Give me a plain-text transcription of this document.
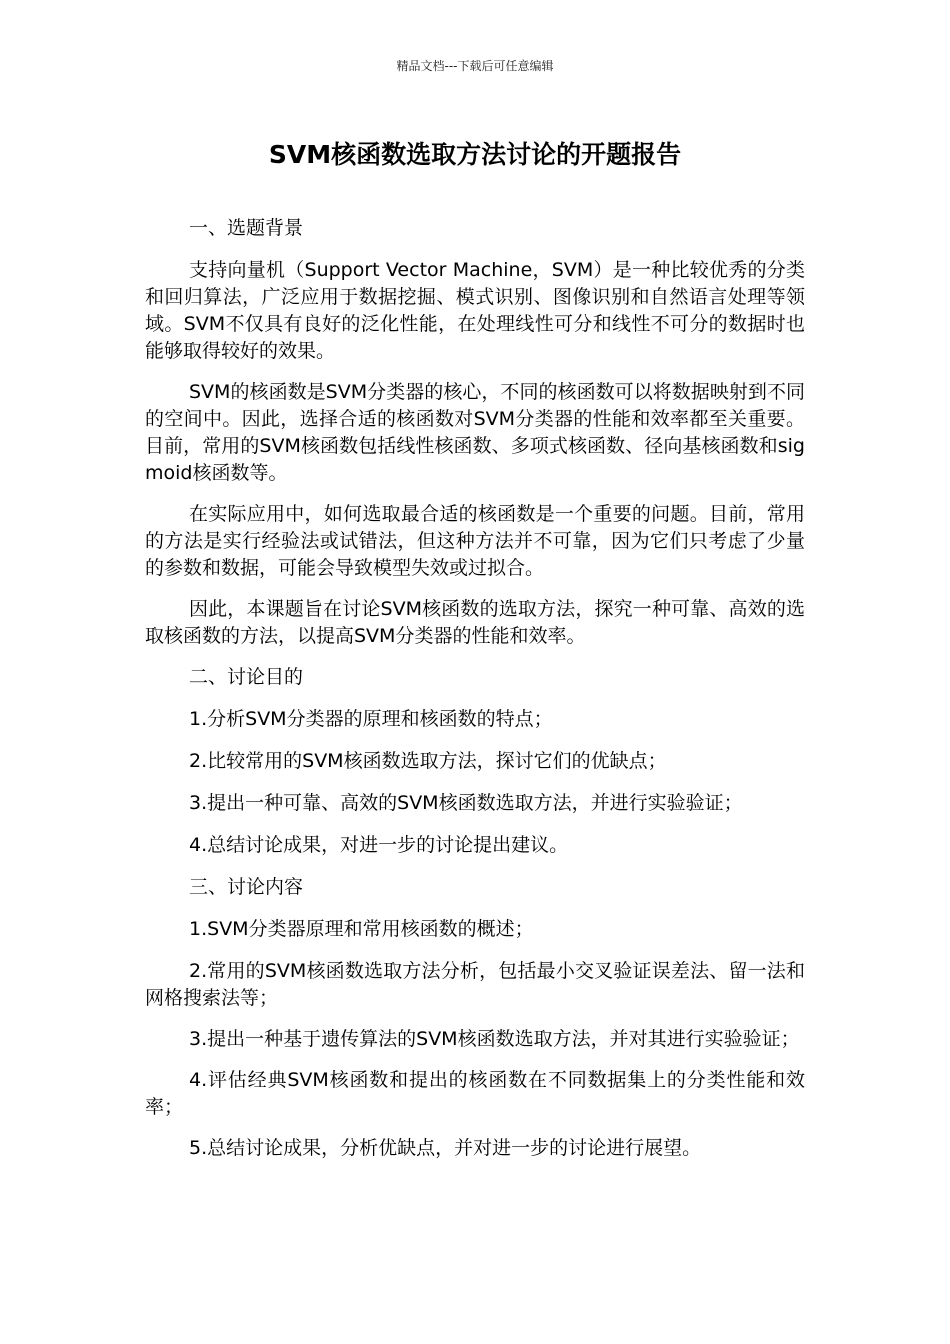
精品文档---下载后可任意编辑
SVM核函数选取方法讨论的开题报告

一、选题背景

支持向量机（Support Vector Machine，SVM）是一种比较优秀的分类和回归算法，广泛应用于数据挖掘、模式识别、图像识别和自然语言处理等领域。SVM不仅具有良好的泛化性能，在处理线性可分和线性不可分的数据时也能够取得较好的效果。

SVM的核函数是SVM分类器的核心，不同的核函数可以将数据映射到不同的空间中。因此，选择合适的核函数对SVM分类器的性能和效率都至关重要。目前，常用的SVM核函数包括线性核函数、多项式核函数、径向基核函数和sigmoid核函数等。

在实际应用中，如何选取最合适的核函数是一个重要的问题。目前，常用的方法是实行经验法或试错法，但这种方法并不可靠，因为它们只考虑了少量的参数和数据，可能会导致模型失效或过拟合。

因此，本课题旨在讨论SVM核函数的选取方法，探究一种可靠、高效的选取核函数的方法，以提高SVM分类器的性能和效率。

二、讨论目的

1.分析SVM分类器的原理和核函数的特点；

2.比较常用的SVM核函数选取方法，探讨它们的优缺点；

3.提出一种可靠、高效的SVM核函数选取方法，并进行实验验证；

4.总结讨论成果，对进一步的讨论提出建议。

三、讨论内容

1.SVM分类器原理和常用核函数的概述；

2.常用的SVM核函数选取方法分析，包括最小交叉验证误差法、留一法和网格搜索法等；

3.提出一种基于遗传算法的SVM核函数选取方法，并对其进行实验验证；

4.评估经典SVM核函数和提出的核函数在不同数据集上的分类性能和效率；

5.总结讨论成果，分析优缺点，并对进一步的讨论进行展望。
